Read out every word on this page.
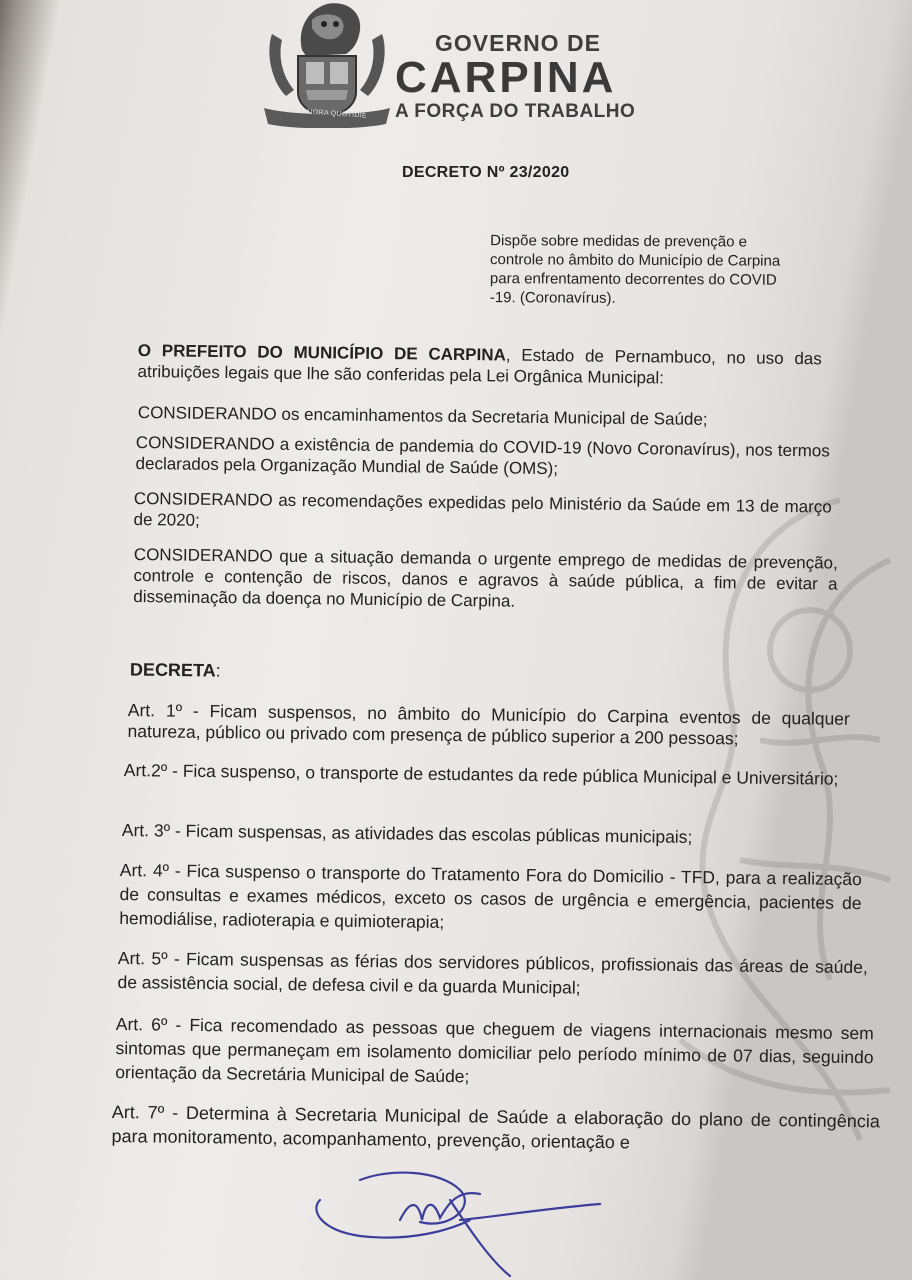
AD MAIORA QUOTIDIE
GOVERNO DE
CARPINA
A FORÇA DO TRABALHO
DECRETO Nº 23/2020

Dispõe sobre medidas de prevenção e

controle no âmbito do Município de Carpina

para enfrentamento decorrentes do COVID

-19. (Coronavírus).

O PREFEITO DO MUNICÍPIO DE CARPINA, Estado de Pernambuco, no uso das atribuições legais que lhe são conferidas pela Lei Orgânica Municipal:

CONSIDERANDO os encaminhamentos da Secretaria Municipal de Saúde;
CONSIDERANDO a existência de pandemia do COVID-19 (Novo Coronavírus), nos termos declarados pela Organização Mundial de Saúde (OMS);
CONSIDERANDO as recomendações expedidas pelo Ministério da Saúde em 13 de março de 2020;
CONSIDERANDO que a situação demanda o urgente emprego de medidas de prevenção, controle e contenção de riscos, danos e agravos à saúde pública, a fim de evitar a disseminação da doença no Município de Carpina.
DECRETA:
Art. 1º - Ficam suspensos, no âmbito do Município do Carpina eventos de qualquer natureza, público ou privado com presença de público superior a 200 pessoas;
Art.2º - Fica suspenso, o transporte de estudantes da rede pública Municipal e Universitário;
Art. 3º - Ficam suspensas, as atividades das escolas públicas municipais;
Art. 4º - Fica suspenso o transporte do Tratamento Fora do Domicilio - TFD, para a realização de consultas e exames médicos, exceto os casos de urgência e emergência, pacientes de hemodiálise, radioterapia e quimioterapia;
Art. 5º - Ficam suspensas as férias dos servidores públicos, profissionais das áreas de saúde, de assistência social, de defesa civil e da guarda Municipal;
Art. 6º - Fica recomendado as pessoas que cheguem de viagens internacionais mesmo sem sintomas que permaneçam em isolamento domiciliar pelo período mínimo de 07 dias, seguindo orientação da Secretária Municipal de Saúde;
Art. 7º - Determina à Secretaria Municipal de Saúde a elaboração do plano de contingência para monitoramento, acompanhamento, prevenção, orientação e
